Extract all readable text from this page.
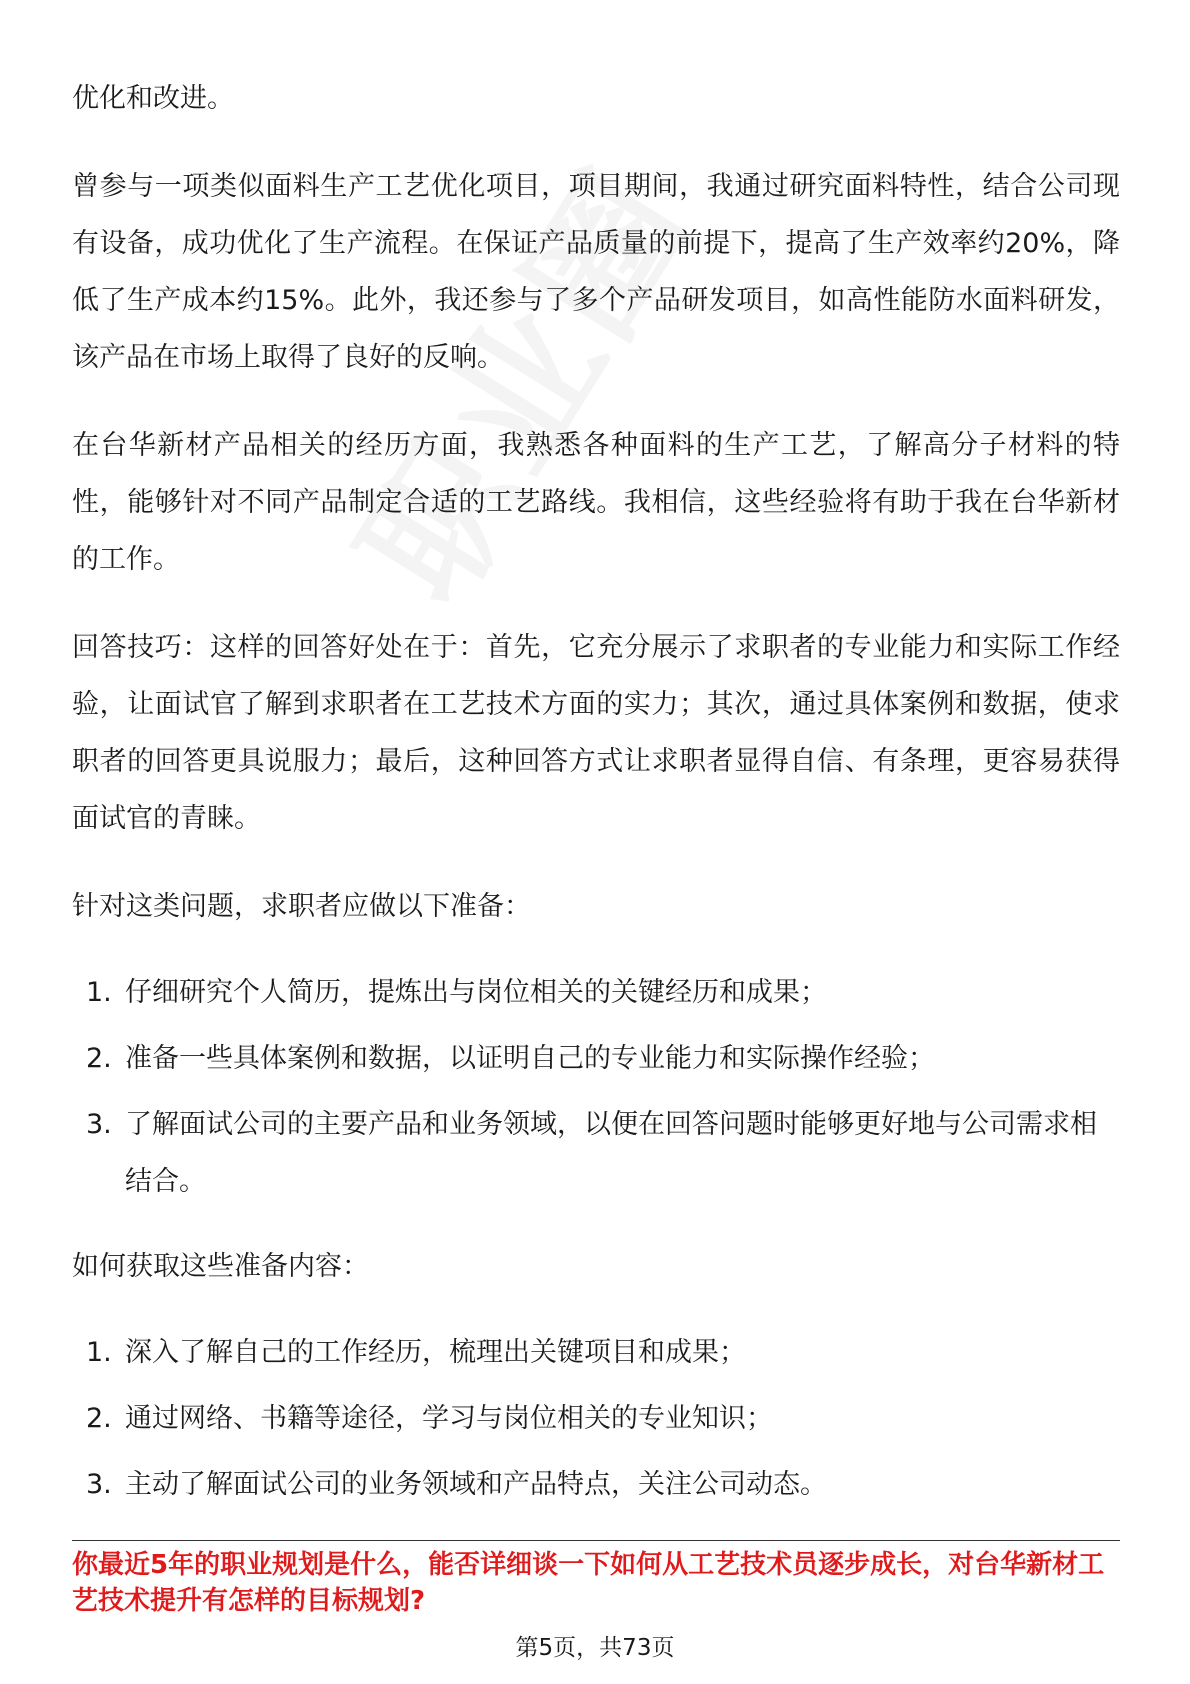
优化和改进。

曾参与一项类似面料生产工艺优化项目，项目期间，我通过研究面料特性，结合公司现有设备，成功优化了生产流程。在保证产品质量的前提下，提高了生产效率约20%，降低了生产成本约15%。此外，我还参与了多个产品研发项目，如高性能防水面料研发，该产品在市场上取得了良好的反响。

在台华新材产品相关的经历方面，我熟悉各种面料的生产工艺，了解高分子材料的特性，能够针对不同产品制定合适的工艺路线。我相信，这些经验将有助于我在台华新材的工作。

回答技巧：这样的回答好处在于：首先，它充分展示了求职者的专业能力和实际工作经验，让面试官了解到求职者在工艺技术方面的实力；其次，通过具体案例和数据，使求职者的回答更具说服力；最后，这种回答方式让求职者显得自信、有条理，更容易获得面试官的青睐。

针对这类问题，求职者应做以下准备：

1. 仔细研究个人简历，提炼出与岗位相关的关键经历和成果；
2. 准备一些具体案例和数据，以证明自己的专业能力和实际操作经验；
3. 了解面试公司的主要产品和业务领域，以便在回答问题时能够更好地与公司需求相结合。

如何获取这些准备内容：

1. 深入了解自己的工作经历，梳理出关键项目和成果；
2. 通过网络、书籍等途径，学习与岗位相关的专业知识；
3. 主动了解面试公司的业务领域和产品特点，关注公司动态。
你最近5年的职业规划是什么，能否详细谈一下如何从工艺技术员逐步成长，对台华新材工艺技术提升有怎样的目标规划?
第5页，共73页
